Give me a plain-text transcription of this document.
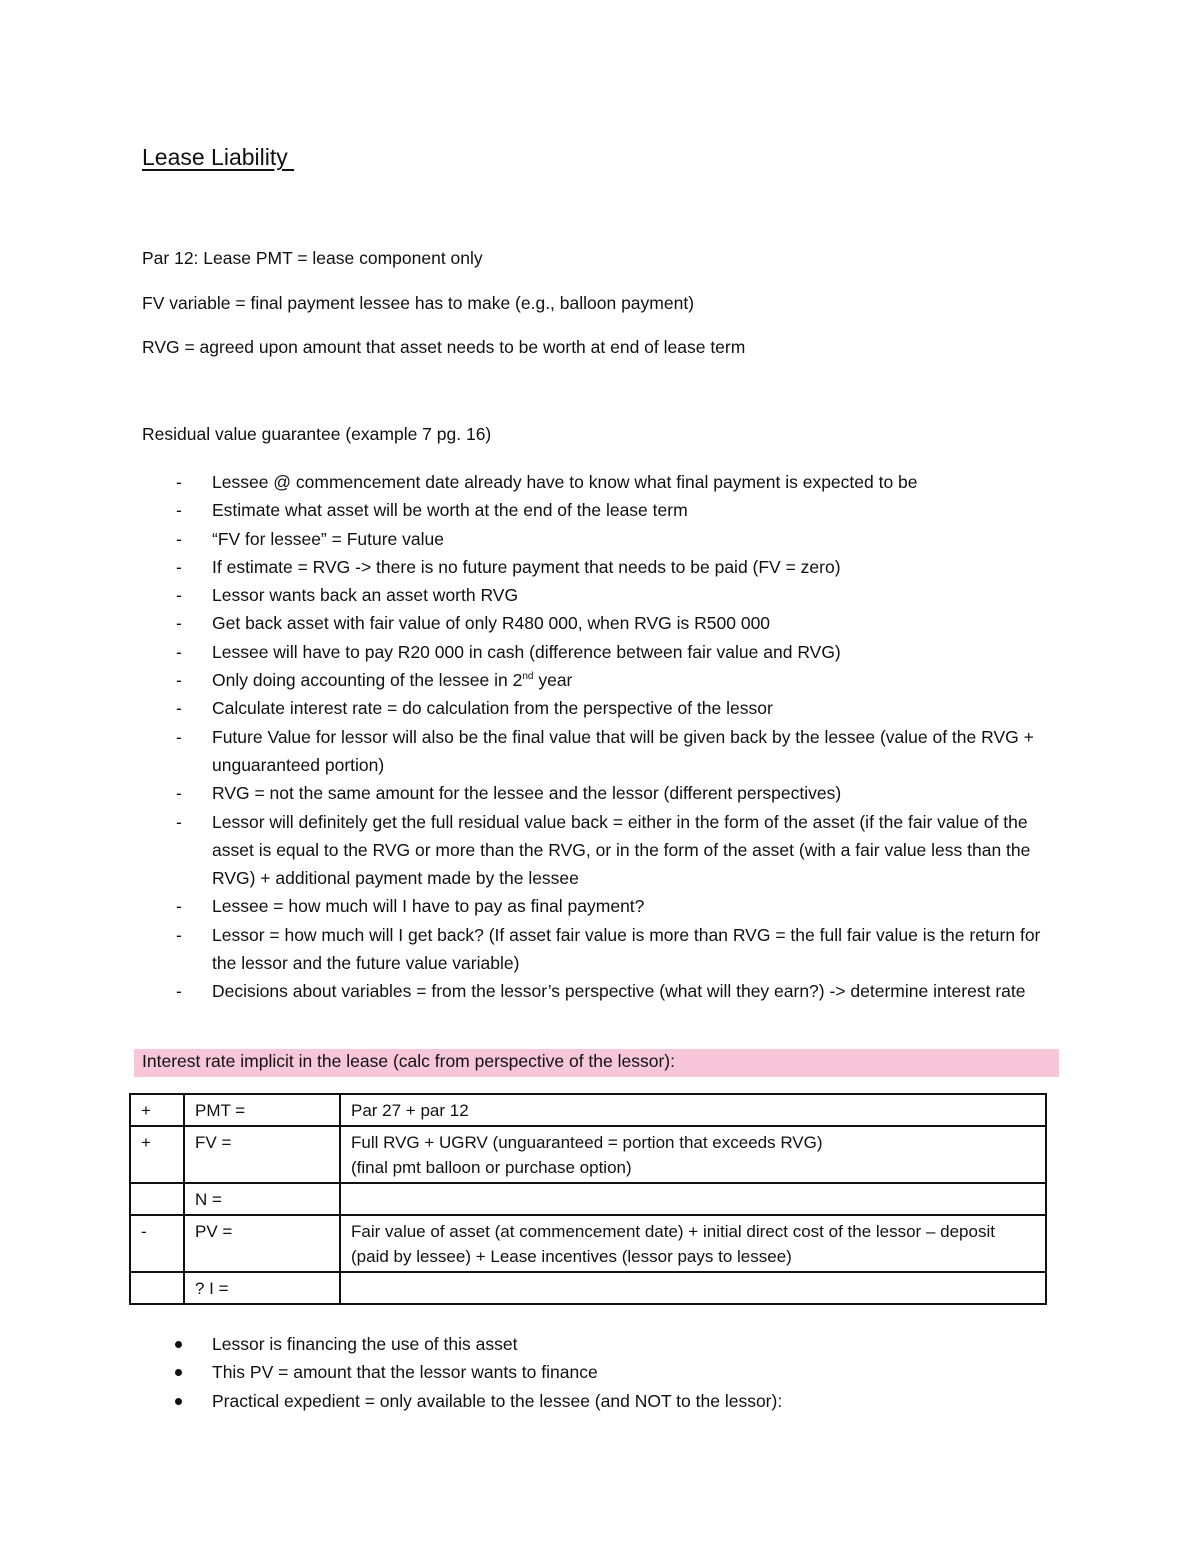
Lease Liability
Par 12: Lease PMT = lease component only
FV variable = final payment lessee has to make (e.g., balloon payment)
RVG = agreed upon amount that asset needs to be worth at end of lease term
Residual value guarantee (example 7 pg. 16)
- Lessee @ commencement date already have to know what final payment is expected to be
- Estimate what asset will be worth at the end of the lease term
- “FV for lessee” = Future value
- If estimate = RVG -> there is no future payment that needs to be paid (FV = zero)
- Lessor wants back an asset worth RVG
- Get back asset with fair value of only R480 000, when RVG is R500 000
- Lessee will have to pay R20 000 in cash (difference between fair value and RVG)
- Only doing accounting of the lessee in 2nd year
- Calculate interest rate = do calculation from the perspective of the lessor
- Future Value for lessor will also be the final value that will be given back by the lessee (value of the RVG + unguaranteed portion)
- RVG = not the same amount for the lessee and the lessor (different perspectives)
- Lessor will definitely get the full residual value back = either in the form of the asset (if the fair value of the asset is equal to the RVG or more than the RVG, or in the form of the asset (with a fair value less than the RVG) + additional payment made by the lessee
- Lessee = how much will I have to pay as final payment?
- Lessor = how much will I get back? (If asset fair value is more than RVG = the full fair value is the return for the lessor and the future value variable)
- Decisions about variables = from the lessor’s perspective (what will they earn?) -> determine interest rate
Interest rate implicit in the lease (calc from perspective of the lessor):
+	PMT =	Par 27 + par 12

+	FV =	Full RVG + UGRV (unguaranteed = portion that exceeds RVG)
(final pmt balloon or purchase option)

	N =	
-	PV =	Fair value of asset (at commencement date) + initial direct cost of the lessor – deposit (paid by lessee) + Lease incentives (lessor pays to lessee)

	? I =	
Lessor is financing the use of this asset
This PV = amount that the lessor wants to finance
Practical expedient = only available to the lessee (and NOT to the lessor):
